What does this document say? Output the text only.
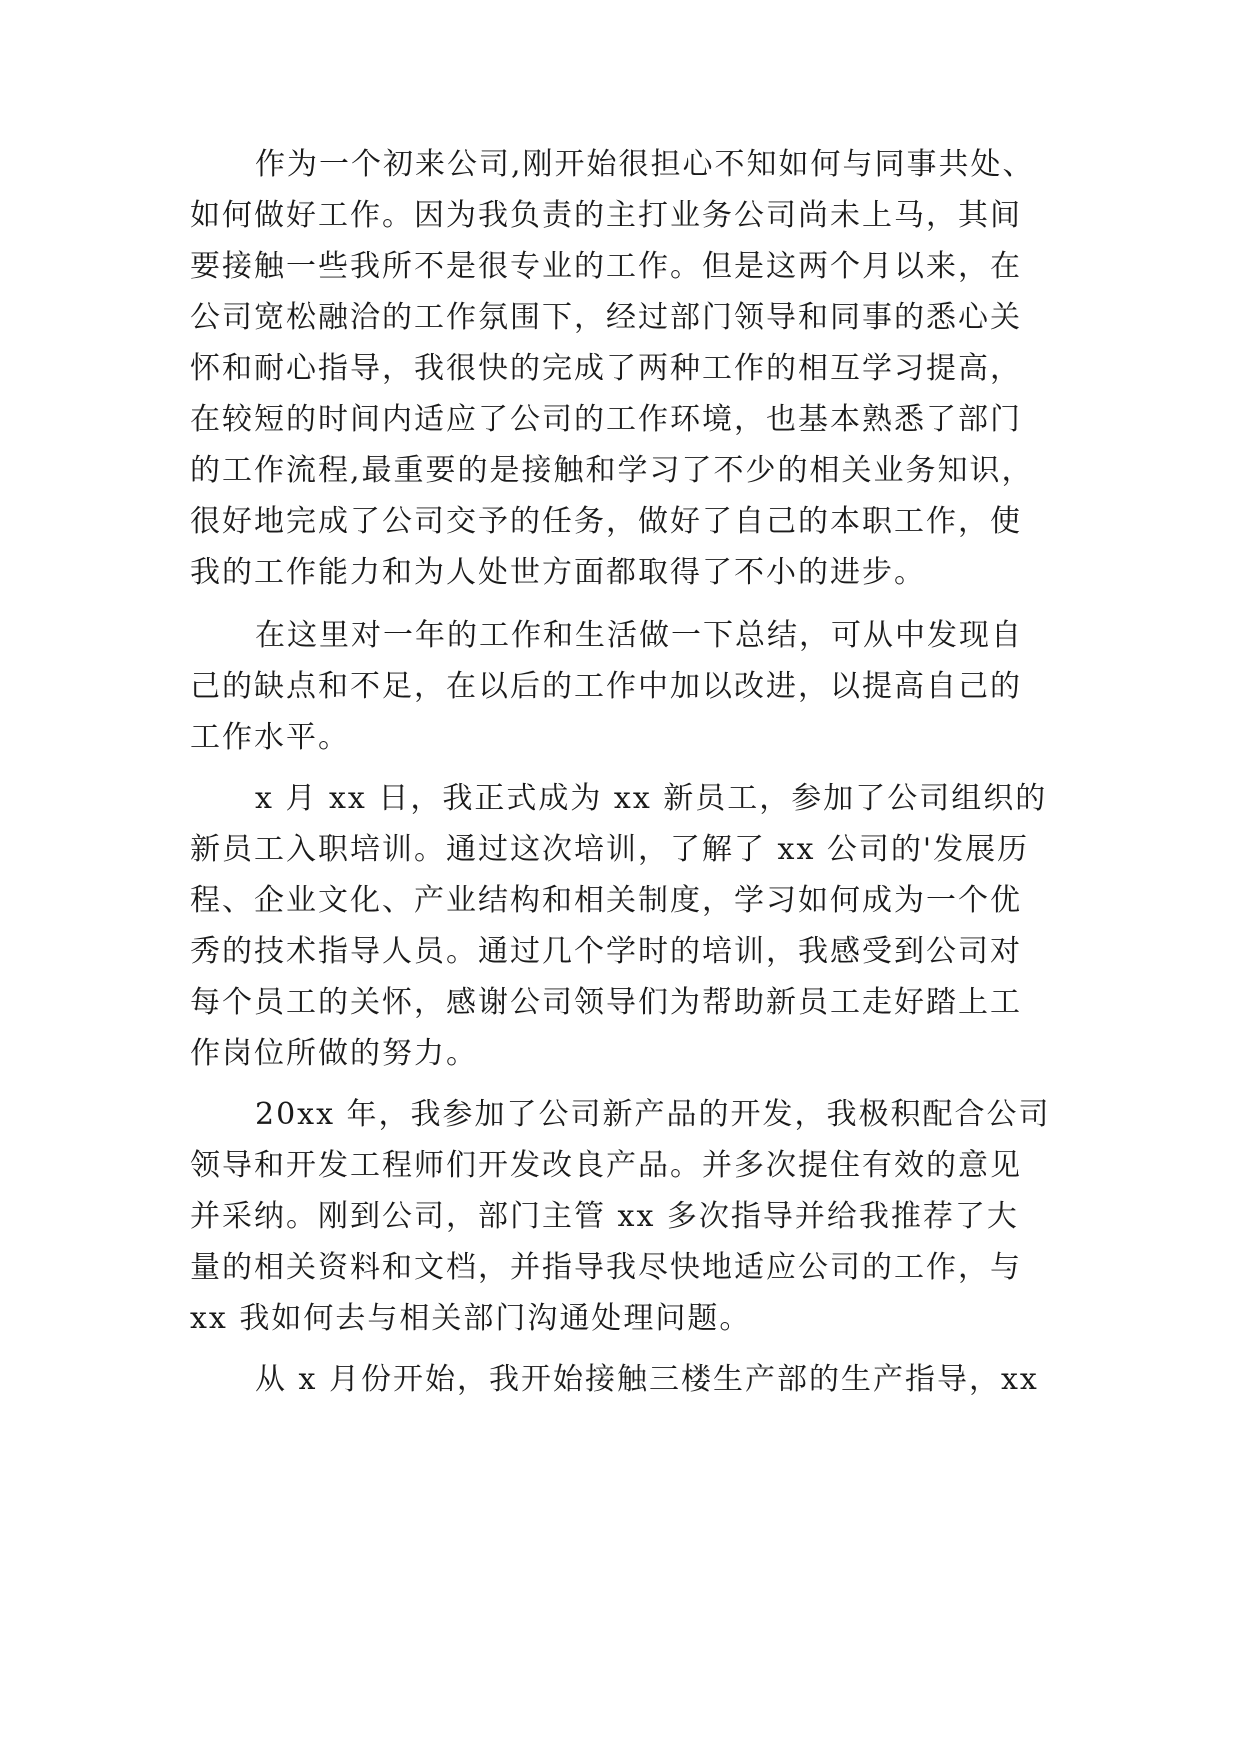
作为一个初来公司,刚开始很担心不知如何与同事共处、
如何做好工作。因为我负责的主打业务公司尚未上马，其间
要接触一些我所不是很专业的工作。但是这两个月以来，在
公司宽松融洽的工作氛围下，经过部门领导和同事的悉心关
怀和耐心指导，我很快的完成了两种工作的相互学习提高，
在较短的时间内适应了公司的工作环境，也基本熟悉了部门
的工作流程,最重要的是接触和学习了不少的相关业务知识，
很好地完成了公司交予的任务，做好了自己的本职工作，使
我的工作能力和为人处世方面都取得了不小的进步。
在这里对一年的工作和生活做一下总结，可从中发现自
己的缺点和不足，在以后的工作中加以改进，以提高自己的
工作水平。
x 月 xx 日，我正式成为 xx 新员工，参加了公司组织的
新员工入职培训。通过这次培训，了解了 xx 公司的'发展历
程、企业文化、产业结构和相关制度，学习如何成为一个优
秀的技术指导人员。通过几个学时的培训，我感受到公司对
每个员工的关怀，感谢公司领导们为帮助新员工走好踏上工
作岗位所做的努力。
20xx 年，我参加了公司新产品的开发，我极积配合公司
领导和开发工程师们开发改良产品。并多次提住有效的意见
并采纳。刚到公司，部门主管 xx 多次指导并给我推荐了大
量的相关资料和文档，并指导我尽快地适应公司的工作，与
xx 我如何去与相关部门沟通处理问题。
从 x 月份开始，我开始接触三楼生产部的生产指导，xx
